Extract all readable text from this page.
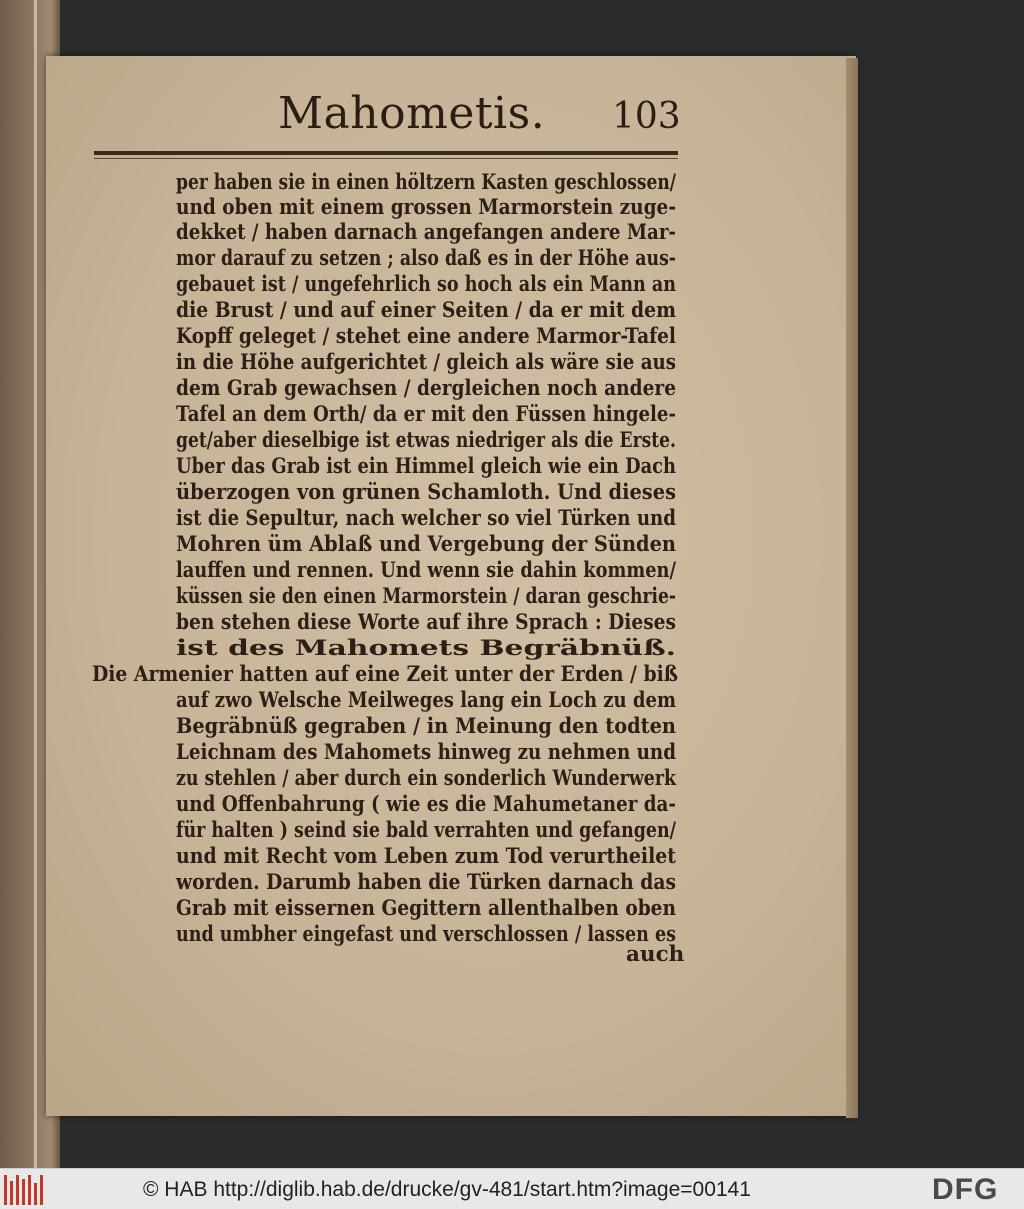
Mahometis. 103
per haben sie in einen höltzern Kasten geschlossen/
und oben mit einem grossen Marmorstein zuge-
dekket / haben darnach angefangen andere Mar-
mor darauf zu setzen ; also daß es in der Höhe aus-
gebauet ist / ungefehrlich so hoch als ein Mann an
die Brust / und auf einer Seiten / da er mit dem
Kopff geleget / stehet eine andere Marmor-Tafel
in die Höhe aufgerichtet / gleich als wäre sie aus
dem Grab gewachsen / dergleichen noch andere
Tafel an dem Orth/ da er mit den Füssen hingele-
get/aber dieselbige ist etwas niedriger als die Erste.
Uber das Grab ist ein Himmel gleich wie ein Dach
überzogen von grünen Schamloth. Und dieses
ist die Sepultur, nach welcher so viel Türken und
Mohren üm Ablaß und Vergebung der Sünden
lauffen und rennen. Und wenn sie dahin kommen/
küssen sie den einen Marmorstein / daran geschrie-
ben stehen diese Worte auf ihre Sprach : Dieses
ist des Mahomets Begräbnüß.
Die Armenier hatten auf eine Zeit unter der Erden / biß
auf zwo Welsche Meilweges lang ein Loch zu dem
Begräbnüß gegraben / in Meinung den todten
Leichnam des Mahomets hinweg zu nehmen und
zu stehlen / aber durch ein sonderlich Wunderwerk
und Offenbahrung ( wie es die Mahumetaner da-
für halten ) seind sie bald verrahten und gefangen/
und mit Recht vom Leben zum Tod verurtheilet
worden. Darumb haben die Türken darnach das
Grab mit eissernen Gegittern allenthalben oben
und umbher eingefast und verschlossen / lassen es
auch
© HAB http://diglib.hab.de/drucke/gv-481/start.htm?image=00141	DFG
